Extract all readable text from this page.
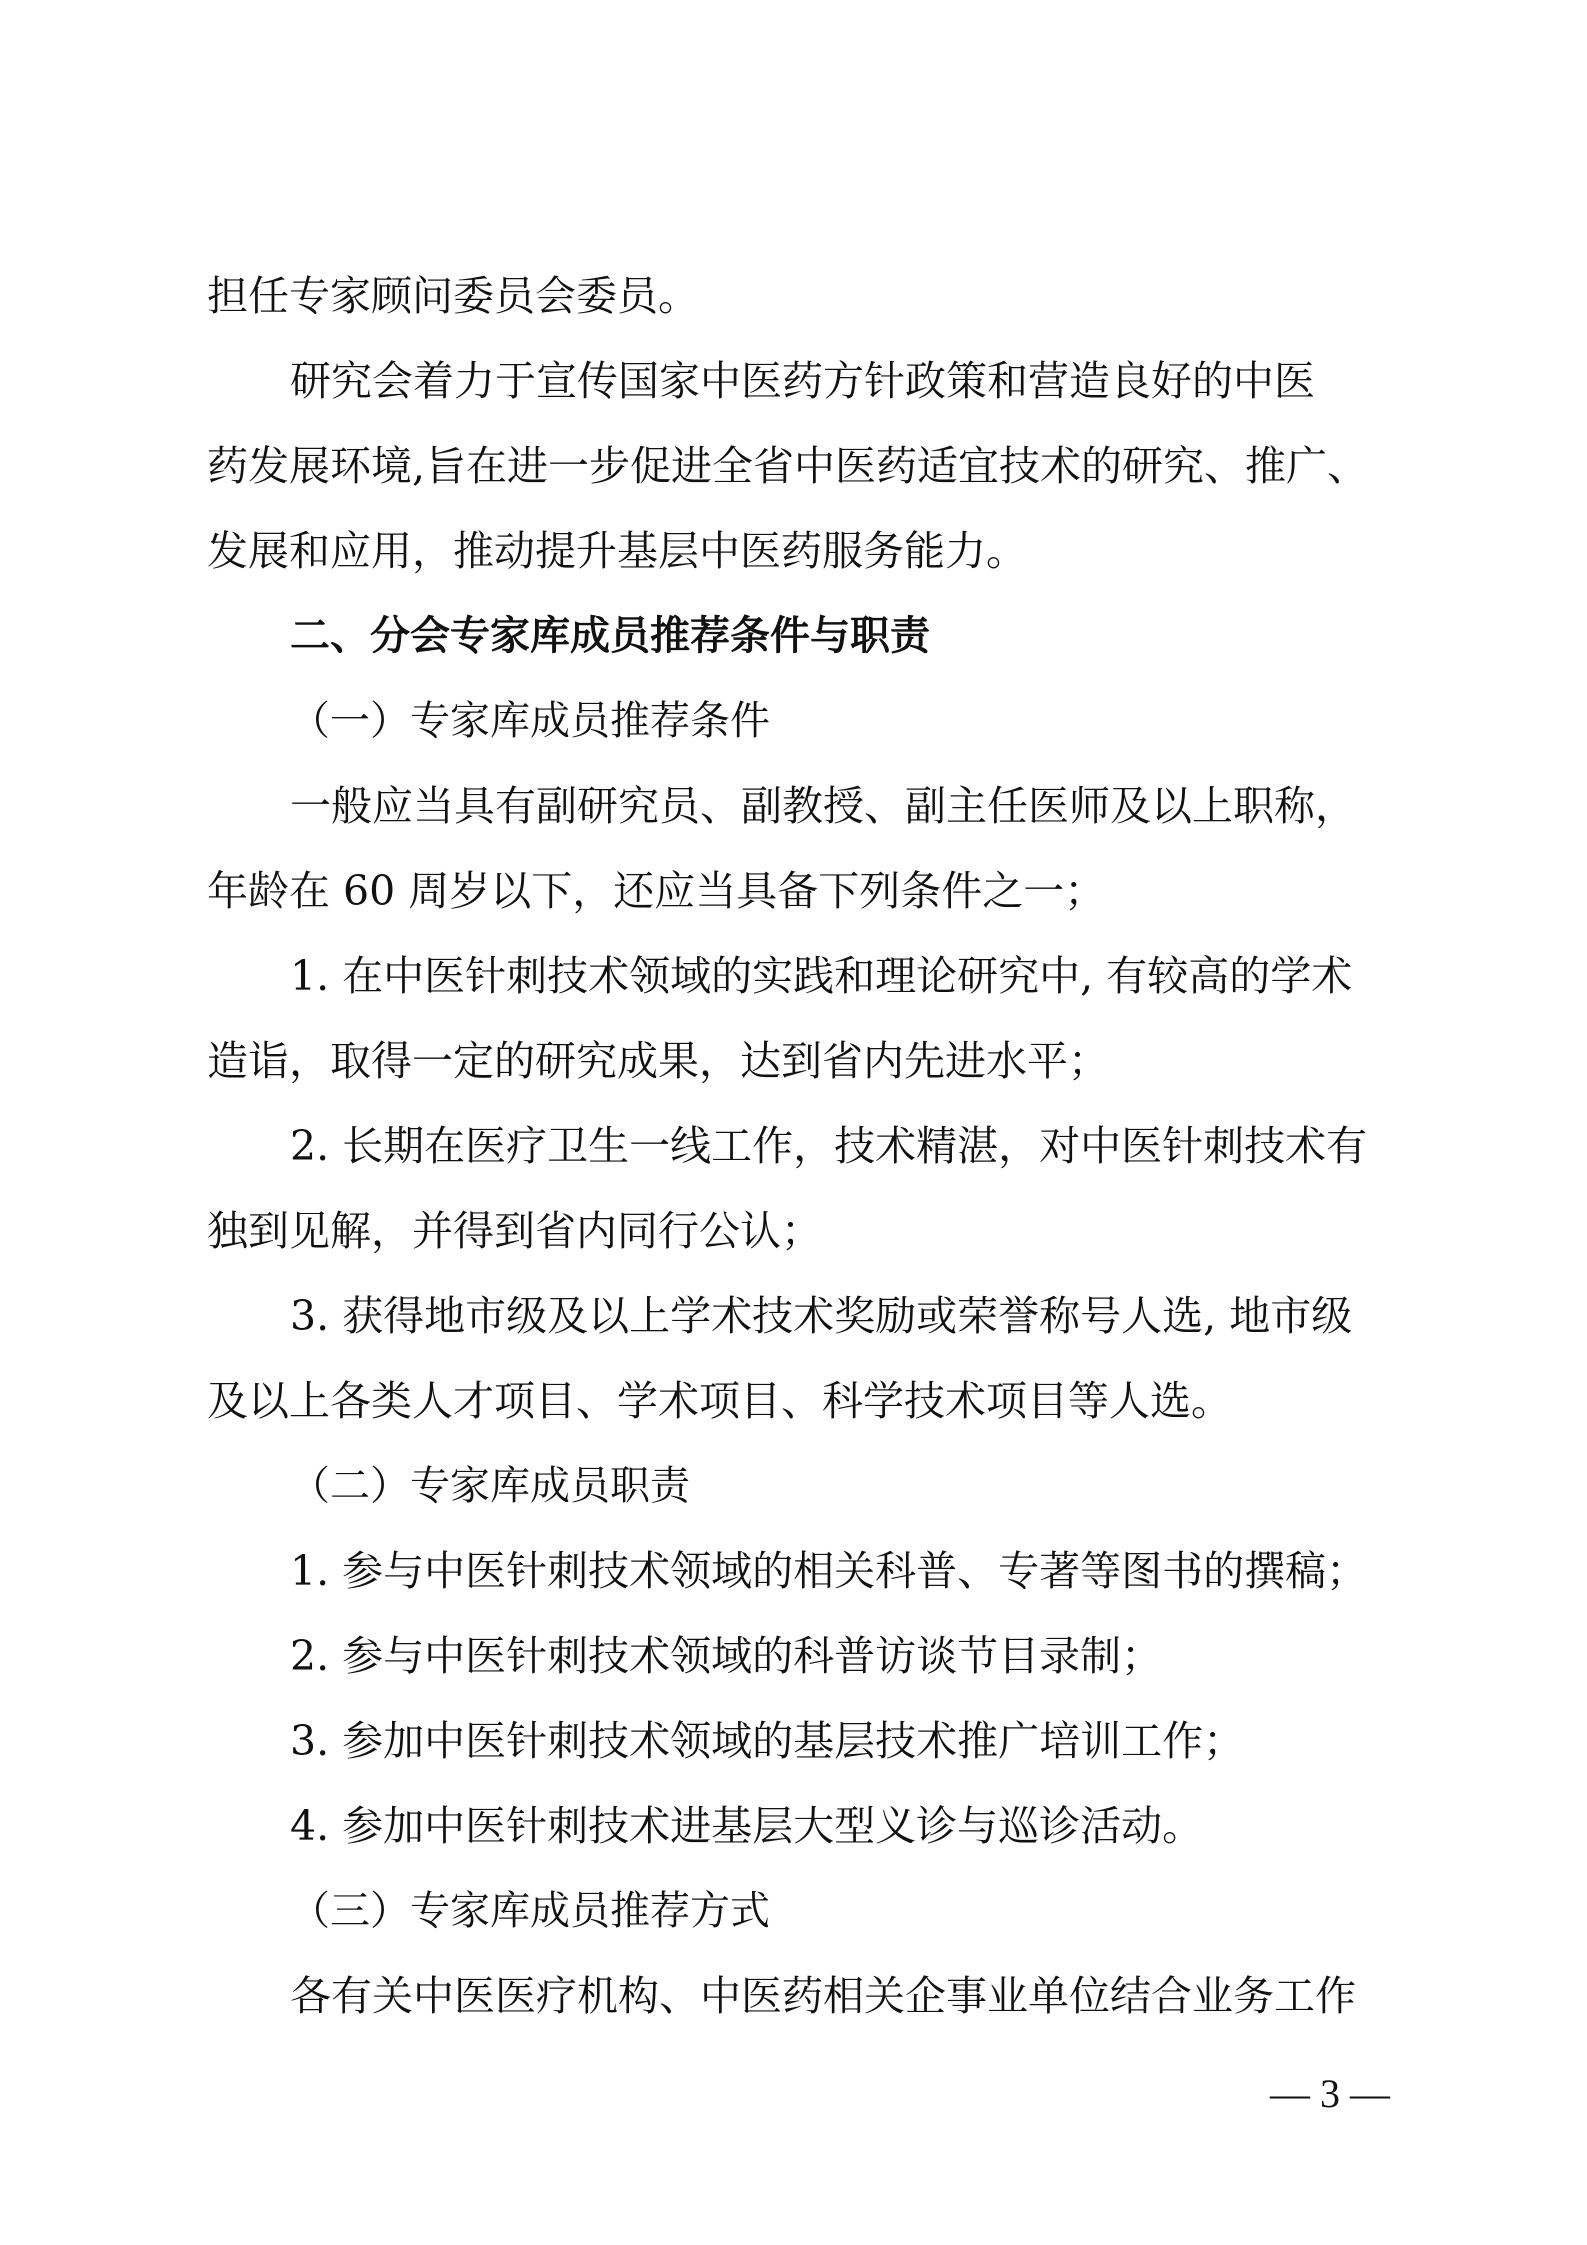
担任专家顾问委员会委员。
研究会着力于宣传国家中医药方针政策和营造良好的中医
药发展环境,旨在进一步促进全省中医药适宜技术的研究、推广、
发展和应用，推动提升基层中医药服务能力。
二、分会专家库成员推荐条件与职责
（一）专家库成员推荐条件
一般应当具有副研究员、副教授、副主任医师及以上职称，
年龄在 60 周岁以下，还应当具备下列条件之一；
1. 在中医针刺技术领域的实践和理论研究中, 有较高的学术
造诣，取得一定的研究成果，达到省内先进水平；
2. 长期在医疗卫生一线工作，技术精湛，对中医针刺技术有
独到见解，并得到省内同行公认；
3. 获得地市级及以上学术技术奖励或荣誉称号人选, 地市级
及以上各类人才项目、学术项目、科学技术项目等人选。
（二）专家库成员职责
1. 参与中医针刺技术领域的相关科普、专著等图书的撰稿；
2. 参与中医针刺技术领域的科普访谈节目录制；
3. 参加中医针刺技术领域的基层技术推广培训工作；
4. 参加中医针刺技术进基层大型义诊与巡诊活动。
（三）专家库成员推荐方式
各有关中医医疗机构、中医药相关企事业单位结合业务工作
— 3 —
